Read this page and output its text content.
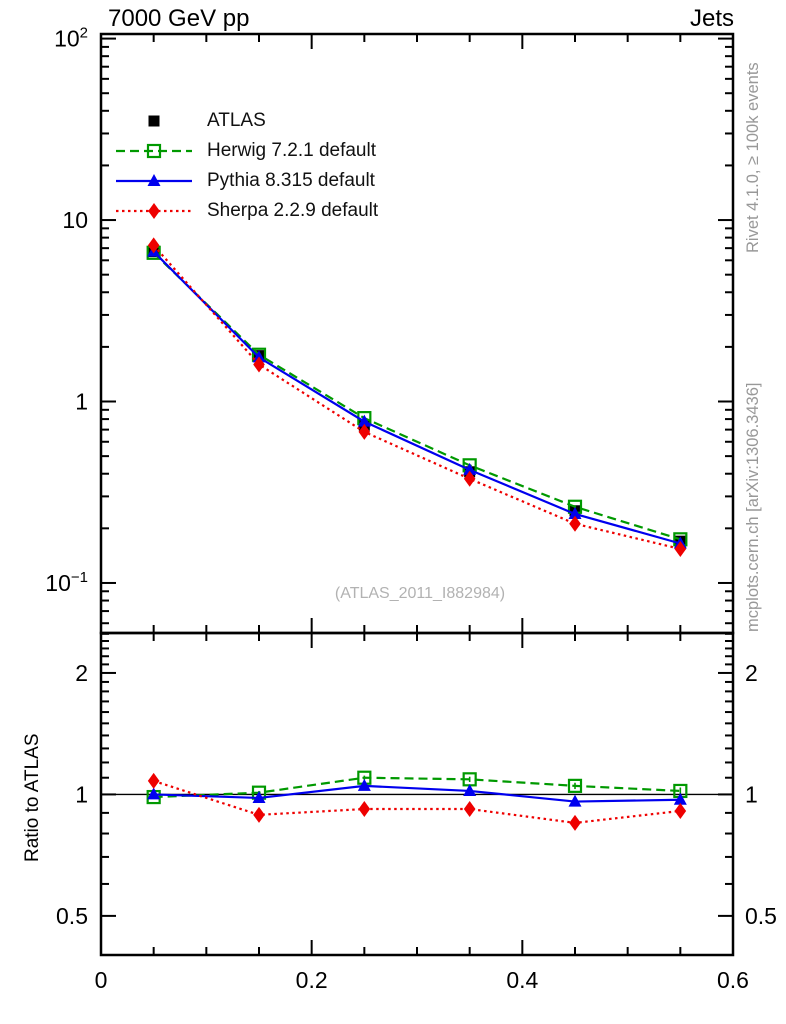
0	0.2	0.4	0.6
$10^2$
10
1
$10^{-1}$
2	2
1	1
0.5	0.5
7000 GeV pp	Jets
ATLAS
Herwig 7.2.1 default
Pythia 8.315 default
Sherpa 2.2.9 default
(ATLAS_2011_I882984)
Ratio to ATLAS
Rivet 4.1.0, ≥ 100k events
mcplots.cern.ch [arXiv:1306.3436]
